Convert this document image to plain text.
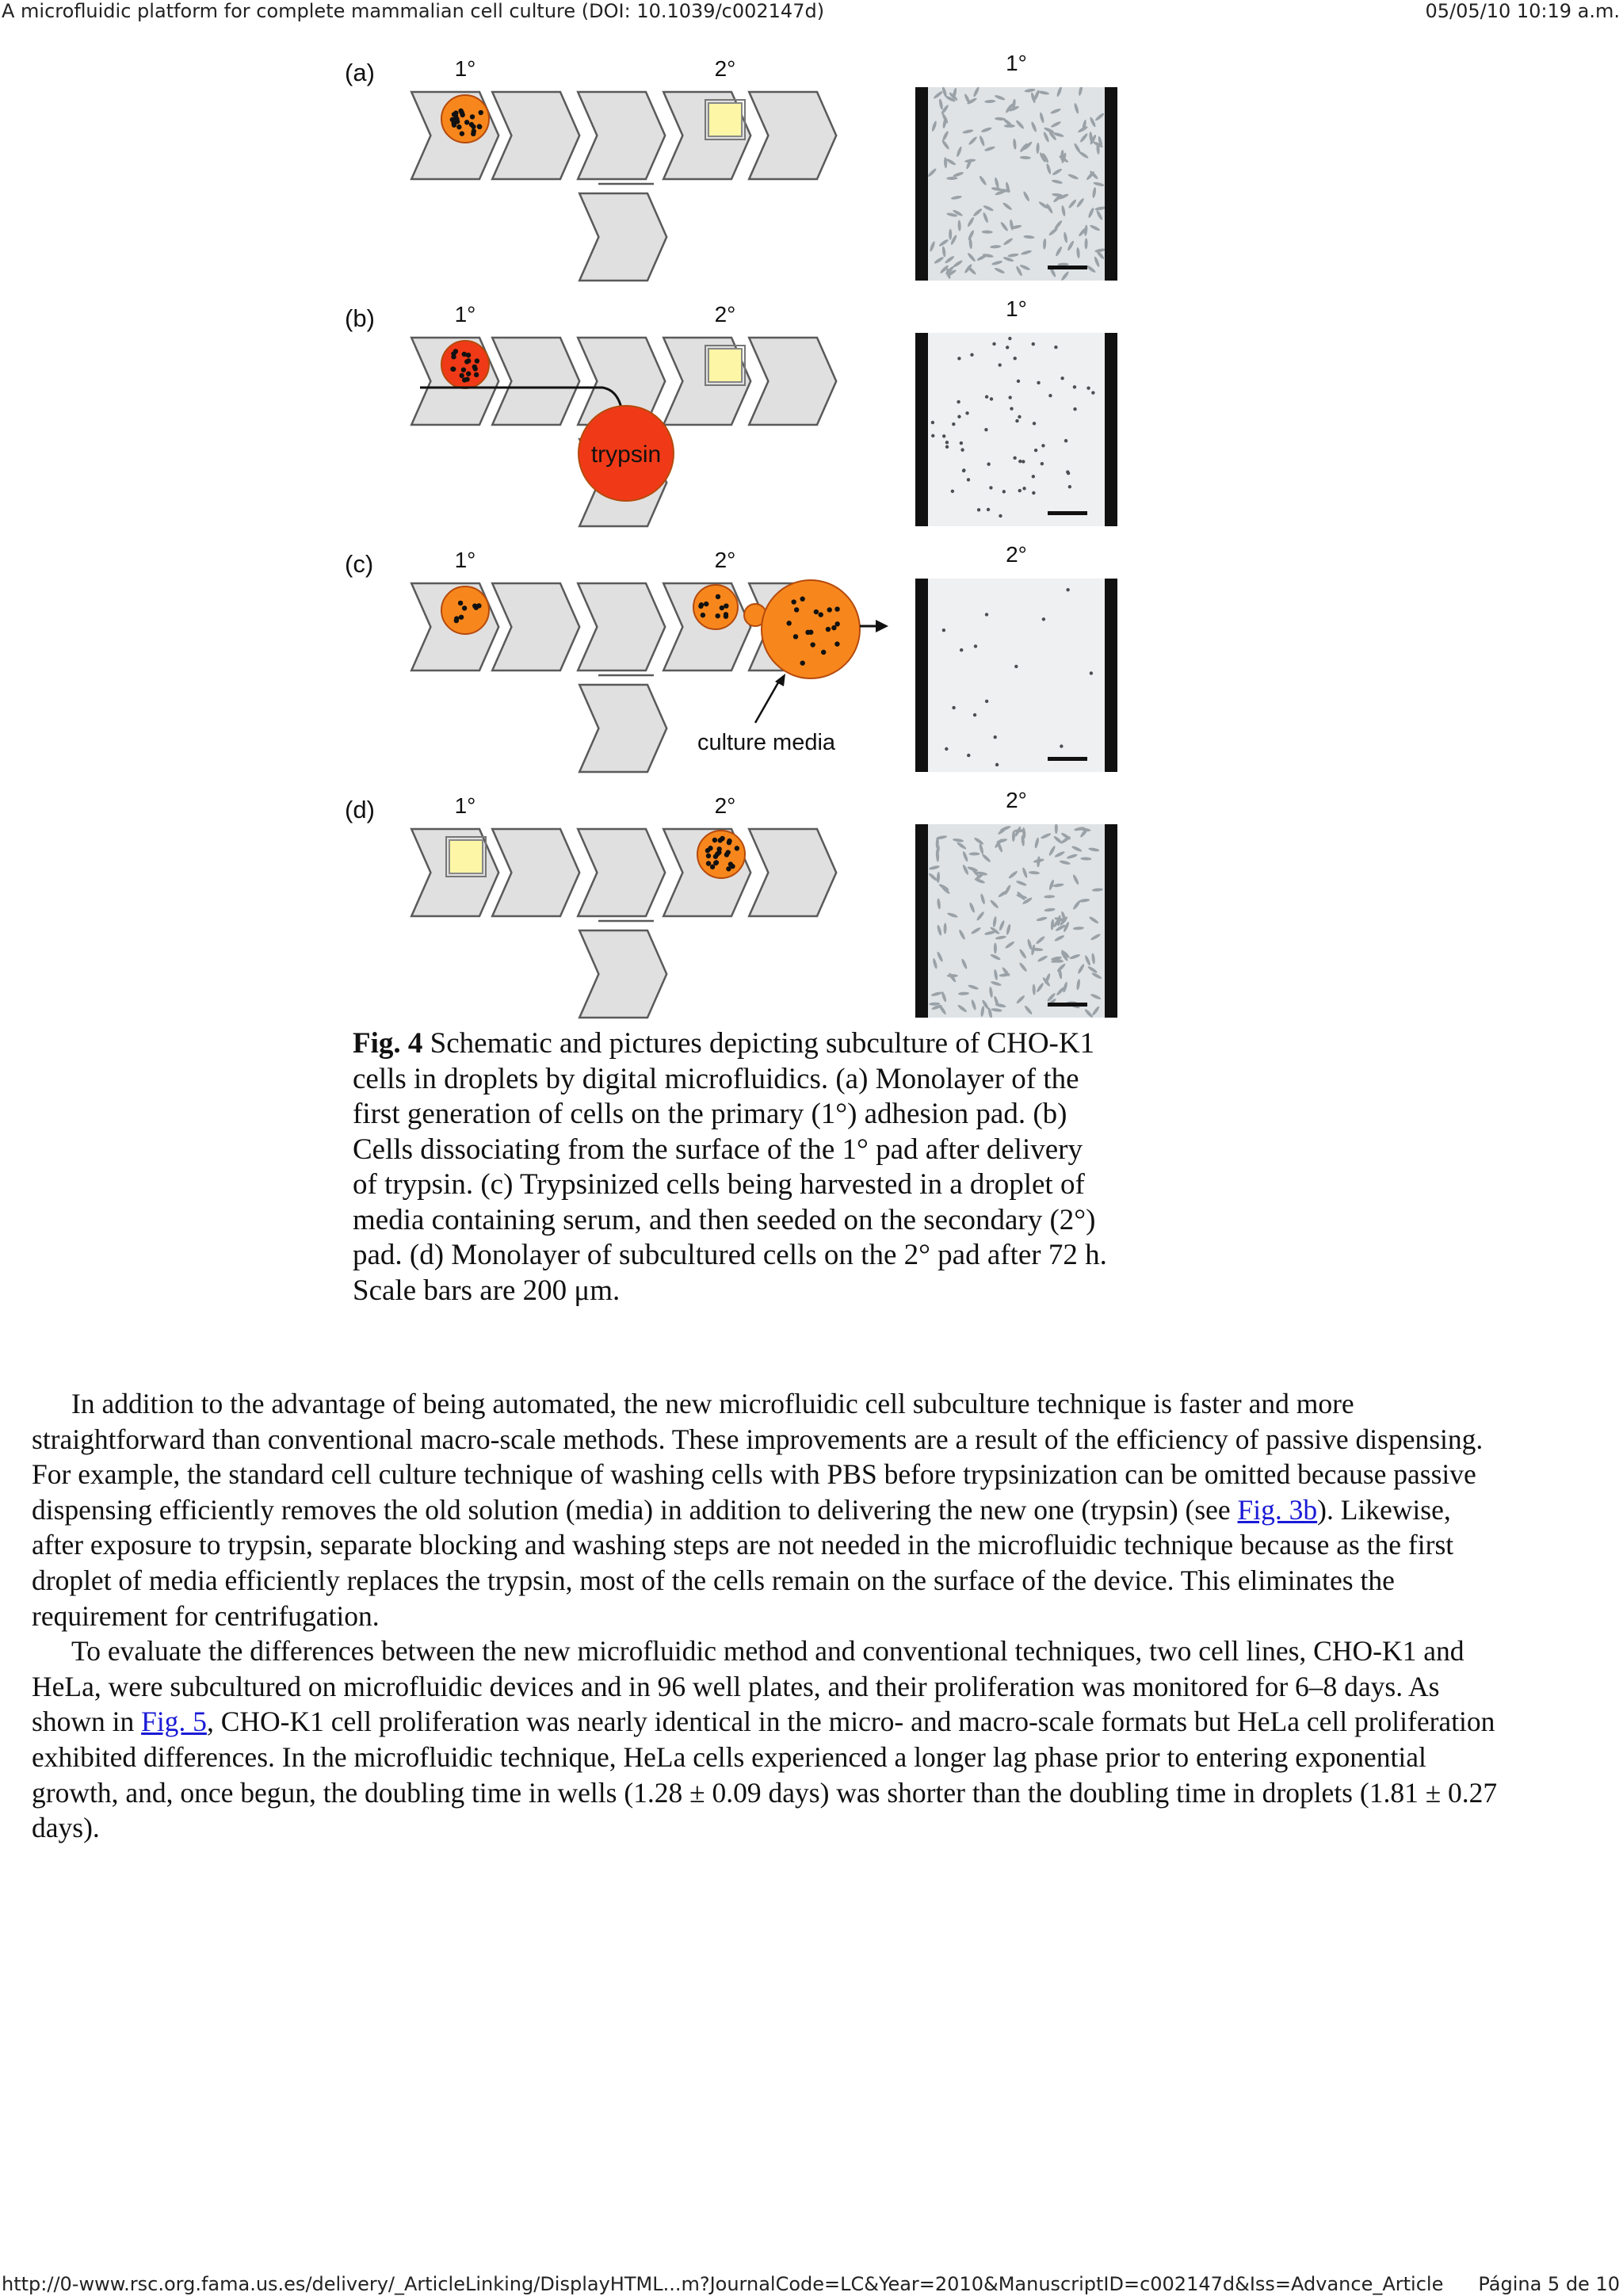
A microfluidic platform for complete mammalian cell culture (DOI: 10.1039/c002147d)	05/05/10 10:19 a.m.
(a)	1°	2°	1°
(b)	1°	2°
trypsin
1°
(c)	1°	2°
culture media
2°
(d)	1°	2°	2°
Fig. 4 Schematic and pictures depicting subculture of CHO-K1 cells in droplets by digital microfluidics. (a) Monolayer of the first generation of cells on the primary (1°) adhesion pad. (b) Cells dissociating from the surface of the 1° pad after delivery of trypsin. (c) Trypsinized cells being harvested in a droplet of media containing serum, and then seeded on the secondary (2°) pad. (d) Monolayer of subcultured cells on the 2° pad after 72 h. Scale bars are 200 μm.

In addition to the advantage of being automated, the new microfluidic cell subculture technique is faster and more straightforward than conventional macro-scale methods. These improvements are a result of the efficiency of passive dispensing. For example, the standard cell culture technique of washing cells with PBS before trypsinization can be omitted because passive dispensing efficiently removes the old solution (media) in addition to delivering the new one (trypsin) (see Fig. 3b). Likewise, after exposure to trypsin, separate blocking and washing steps are not needed in the microfluidic technique because as the first droplet of media efficiently replaces the trypsin, most of the cells remain on the surface of the device. This eliminates the requirement for centrifugation.

To evaluate the differences between the new microfluidic method and conventional techniques, two cell lines, CHO-K1 and HeLa, were subcultured on microfluidic devices and in 96 well plates, and their proliferation was monitored for 6–8 days. As shown in Fig. 5, CHO-K1 cell proliferation was nearly identical in the micro- and macro-scale formats but HeLa cell proliferation exhibited differences. In the microfluidic technique, HeLa cells experienced a longer lag phase prior to entering exponential growth, and, once begun, the doubling time in wells (1.28 ± 0.09 days) was shorter than the doubling time in droplets (1.81 ± 0.27 days).

http://0-www.rsc.org.fama.us.es/delivery/_ArticleLinking/DisplayHTML...m?JournalCode=LC&Year=2010&ManuscriptID=c002147d&Iss=Advance_Article Página 5 de 10
